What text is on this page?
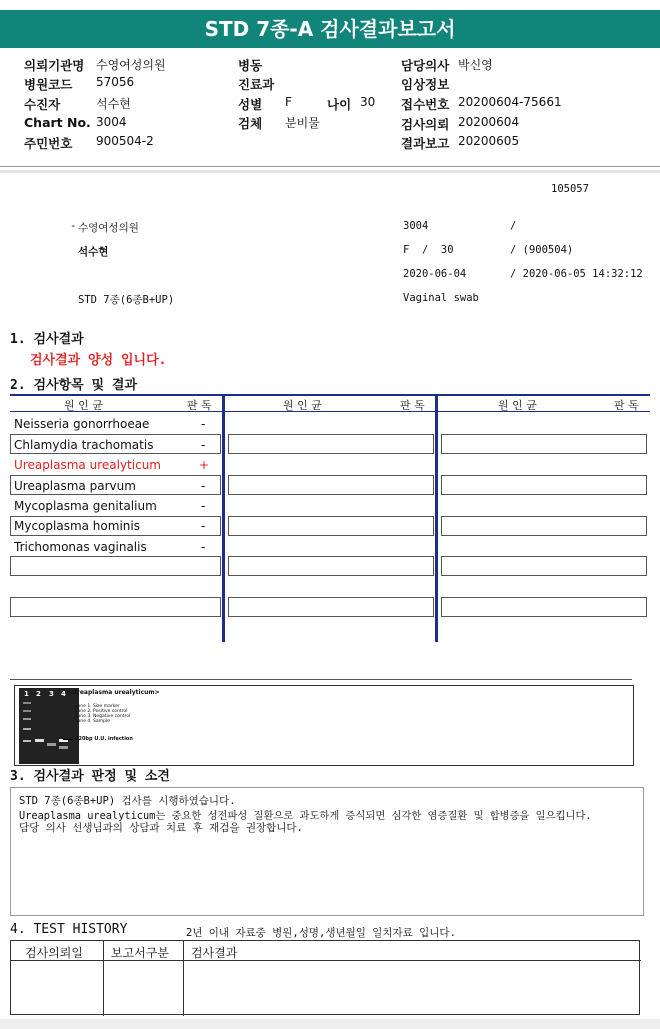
STD 7종-A 검사결과보고서
의뢰기관명 수영여성의원	병동	담당의사 박신영
병원코드 57056	진료과	임상정보
수진자	석수현	성별 F	나이 30 접수번호 20200604-75661
Chart No. 3004	검체 분비물	검사의뢰 20200604
주민번호 900504-2	결과보고 20200605
105057
- 수영여성의원	3004	/
석수현	F  /  30	/ (900504)
2020-06-04	/ 2020-06-05 14:32:12
STD 7종(6종B+UP)	Vaginal swab
1. 검사결과
검사결과 양성 입니다.
2. 검사항목 및 결과
원 인 균	판 독	원 인 균	판 독	원 인 균	판 독
Neisseria gonorrhoeae	-
Chlamydia trachomatis	-
Ureaplasma urealyticum	+
Ureaplasma parvum	-
Mycoplasma genitalium	-
Mycoplasma hominis	-
Trichomonas vaginalis	-
1 2 3 4 <Ureaplasma urealyticum>
Lane 1. Size marker
Lane 2. Positive control
Lane 3. Negative control
Lane 4. Sample
220bp U.U. infection
3. 검사결과 판정 및 소견
STD 7종(6종B+UP) 검사를 시행하였습니다.
Ureaplasma urealyticum는 중요한 성전파성 질환으로 과도하게 증식되면 심각한 염증질환 및 합병증을 일으킵니다.
담당 의사 선생님과의 상담과 치료 후 재검을 권장합니다.
4. TEST HISTORY	2년 이내 자료중 병원,성명,생년월일 일치자료 입니다.
검사의뢰일 보고서구분 검사결과
